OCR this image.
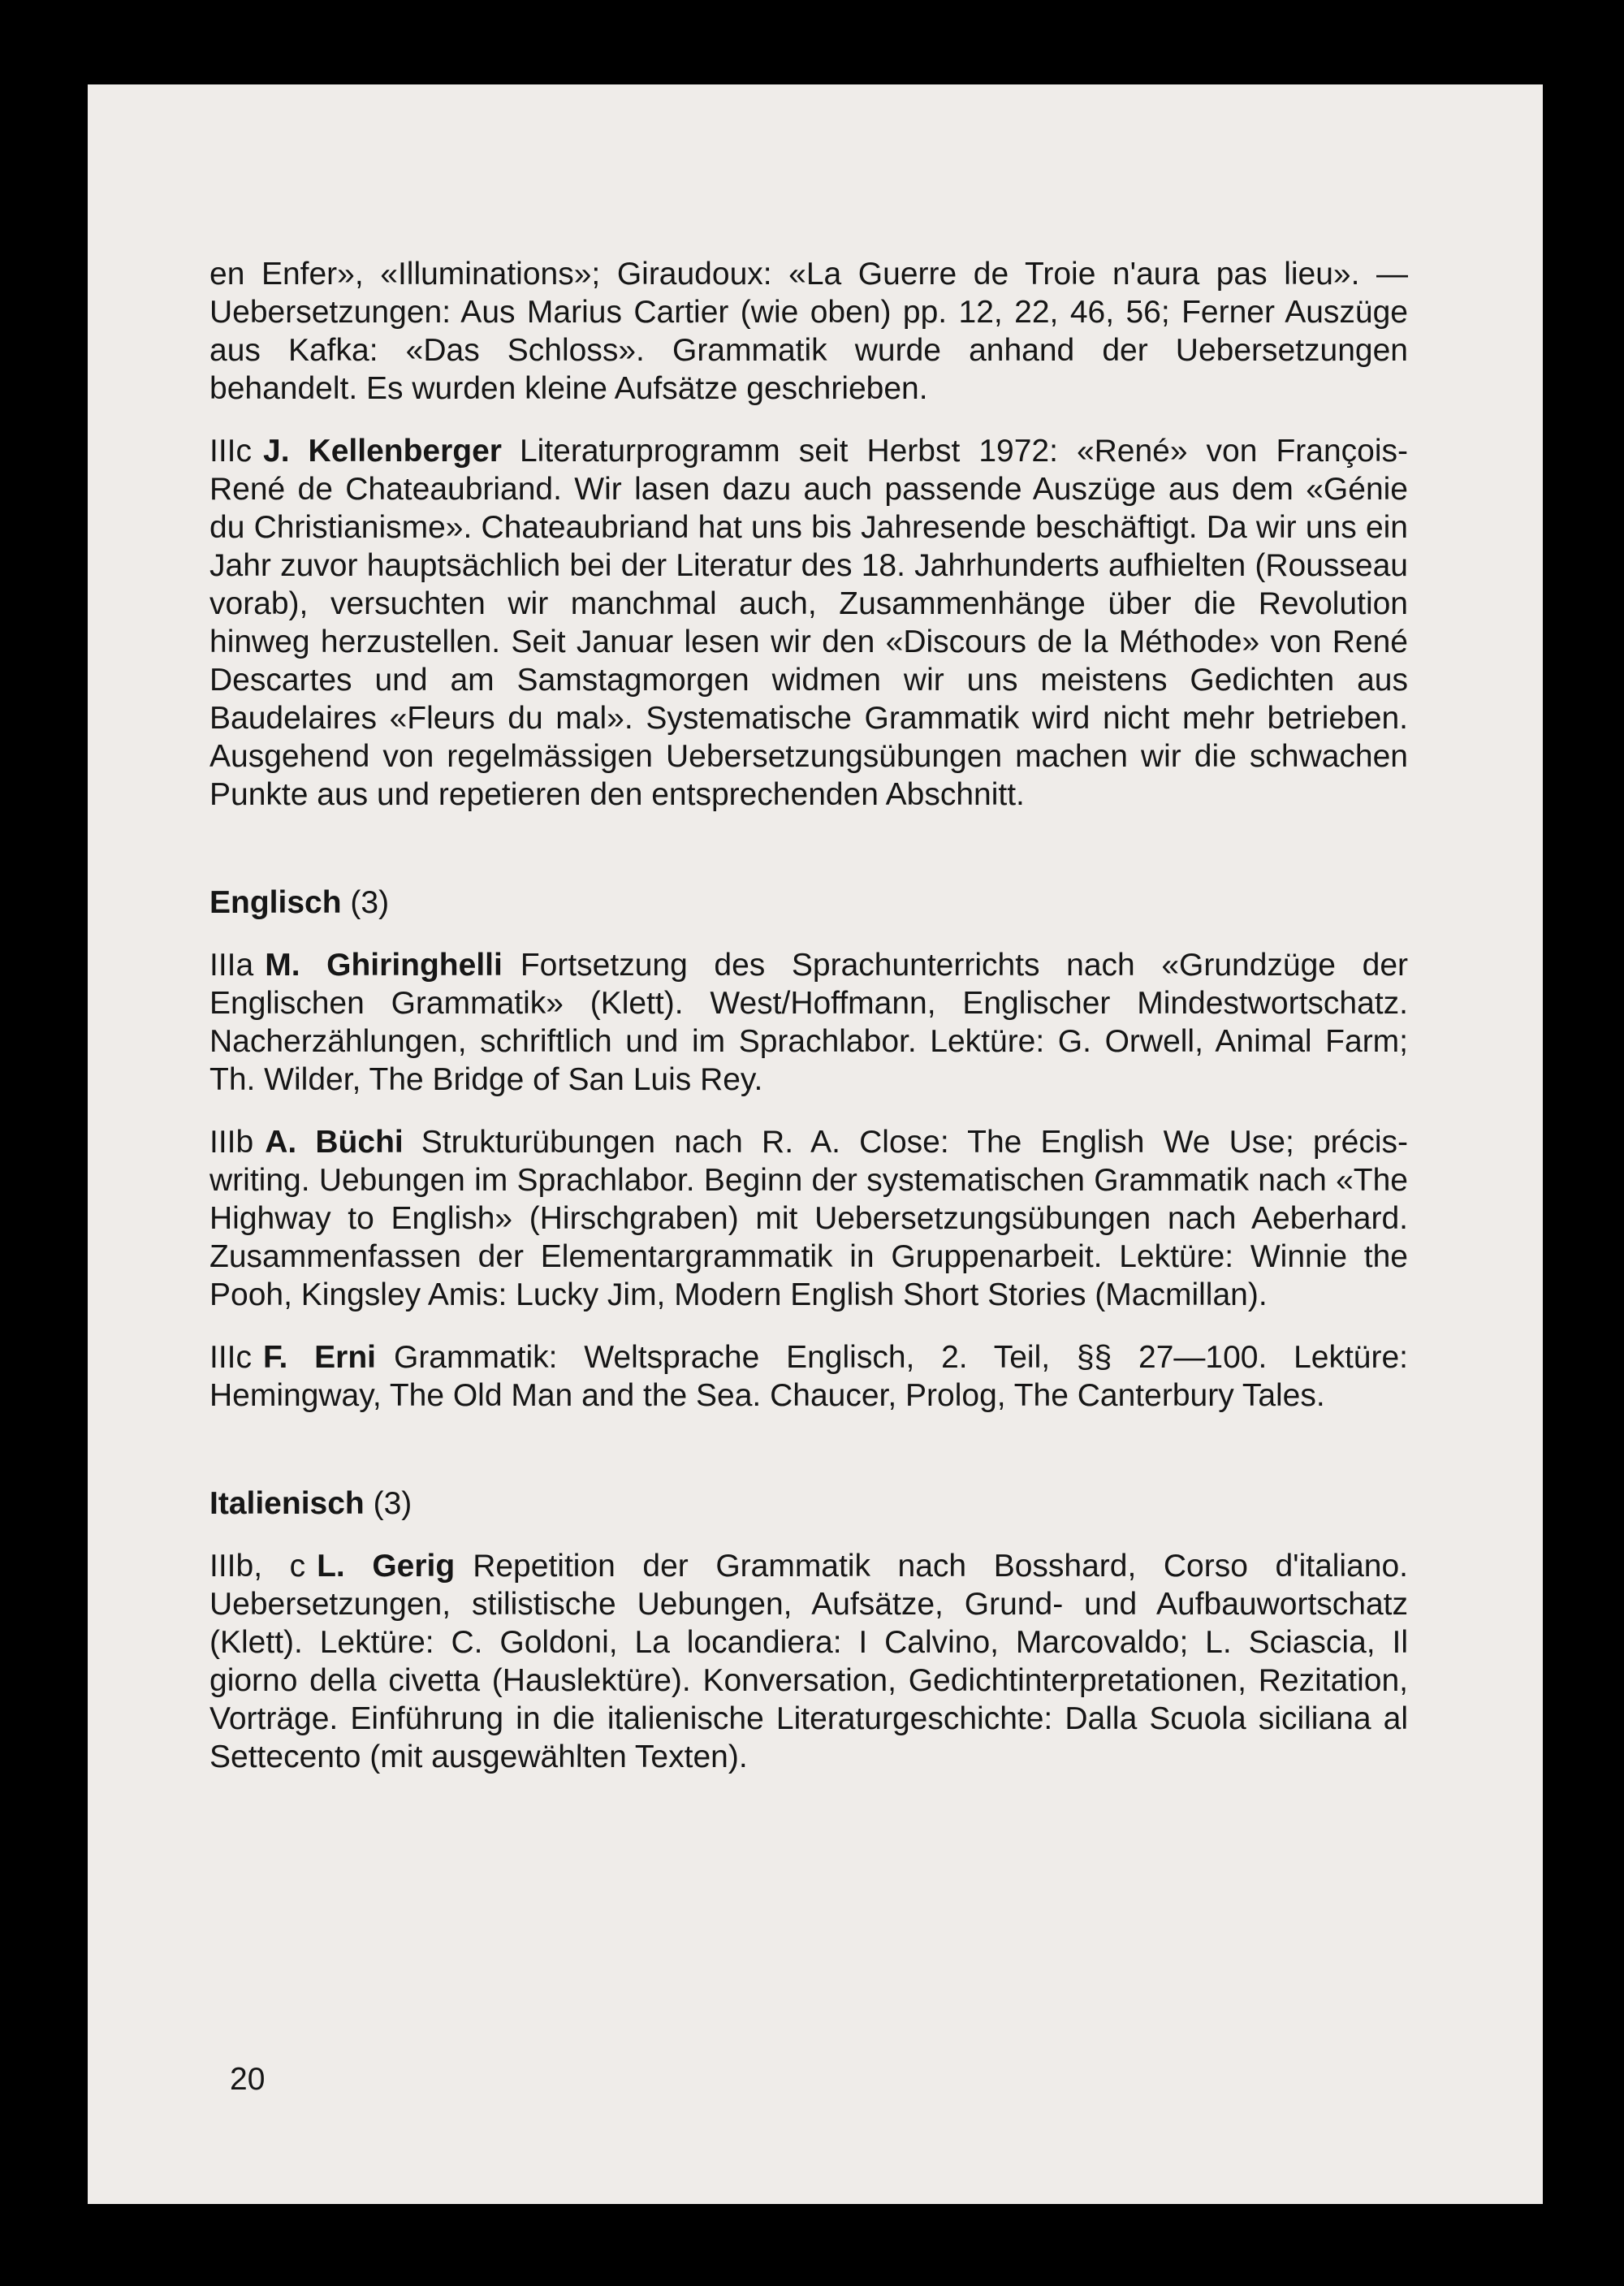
en Enfer», «Illuminations»; Giraudoux: «La Guerre de Troie n'aura pas lieu». — Uebersetzungen: Aus Marius Cartier (wie oben) pp. 12, 22, 46, 56; Ferner Auszüge aus Kafka: «Das Schloss». Grammatik wurde anhand der Uebersetzungen behandelt. Es wurden kleine Aufsätze geschrieben.

IIIc J. Kellenberger Literaturprogramm seit Herbst 1972: «René» von François-René de Chateaubriand. Wir lasen dazu auch passende Auszüge aus dem «Génie du Christianisme». Chateaubriand hat uns bis Jahresende beschäftigt. Da wir uns ein Jahr zuvor hauptsächlich bei der Literatur des 18. Jahrhunderts aufhielten (Rousseau vorab), versuchten wir manchmal auch, Zusammenhänge über die Revolution hinweg herzustellen. Seit Januar lesen wir den «Discours de la Méthode» von René Descartes und am Samstagmorgen widmen wir uns meistens Gedichten aus Baudelaires «Fleurs du mal». Systematische Grammatik wird nicht mehr betrieben. Ausgehend von regelmässigen Uebersetzungsübungen machen wir die schwachen Punkte aus und repetieren den entsprechenden Abschnitt.

Englisch (3)

IIIa M. Ghiringhelli Fortsetzung des Sprachunterrichts nach «Grundzüge der Englischen Grammatik» (Klett). West/Hoffmann, Englischer Mindestwortschatz. Nacherzählungen, schriftlich und im Sprachlabor. Lektüre: G. Orwell, Animal Farm; Th. Wilder, The Bridge of San Luis Rey.

IIIb A. Büchi Strukturübungen nach R. A. Close: The English We Use; précis-writing. Uebungen im Sprachlabor. Beginn der systematischen Grammatik nach «The Highway to English» (Hirschgraben) mit Uebersetzungsübungen nach Aeberhard. Zusammenfassen der Elementargrammatik in Gruppenarbeit. Lektüre: Winnie the Pooh, Kingsley Amis: Lucky Jim, Modern English Short Stories (Macmillan).

IIIc F. Erni Grammatik: Weltsprache Englisch, 2. Teil, §§ 27—100. Lektüre: Hemingway, The Old Man and the Sea. Chaucer, Prolog, The Canterbury Tales.

Italienisch (3)

IIIb, c L. Gerig Repetition der Grammatik nach Bosshard, Corso d'italiano. Uebersetzungen, stilistische Uebungen, Aufsätze, Grund- und Aufbauwortschatz (Klett). Lektüre: C. Goldoni, La locandiera: I Calvino, Marcovaldo; L. Sciascia, Il giorno della civetta (Hauslektüre). Konversation, Gedichtinterpretationen, Rezitation, Vorträge. Einführung in die italienische Literaturgeschichte: Dalla Scuola siciliana al Settecento (mit ausgewählten Texten).

20
